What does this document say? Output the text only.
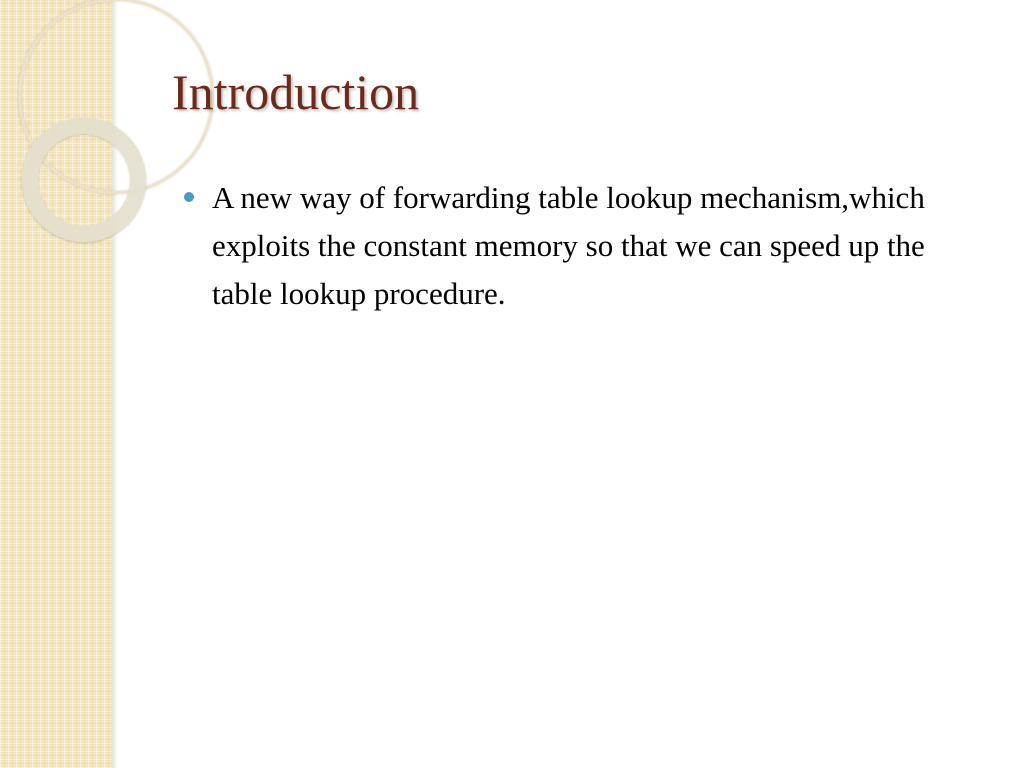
Introduction
A new way of forwarding table lookup mechanism,which exploits the constant memory so that we can speed up the table lookup procedure.
